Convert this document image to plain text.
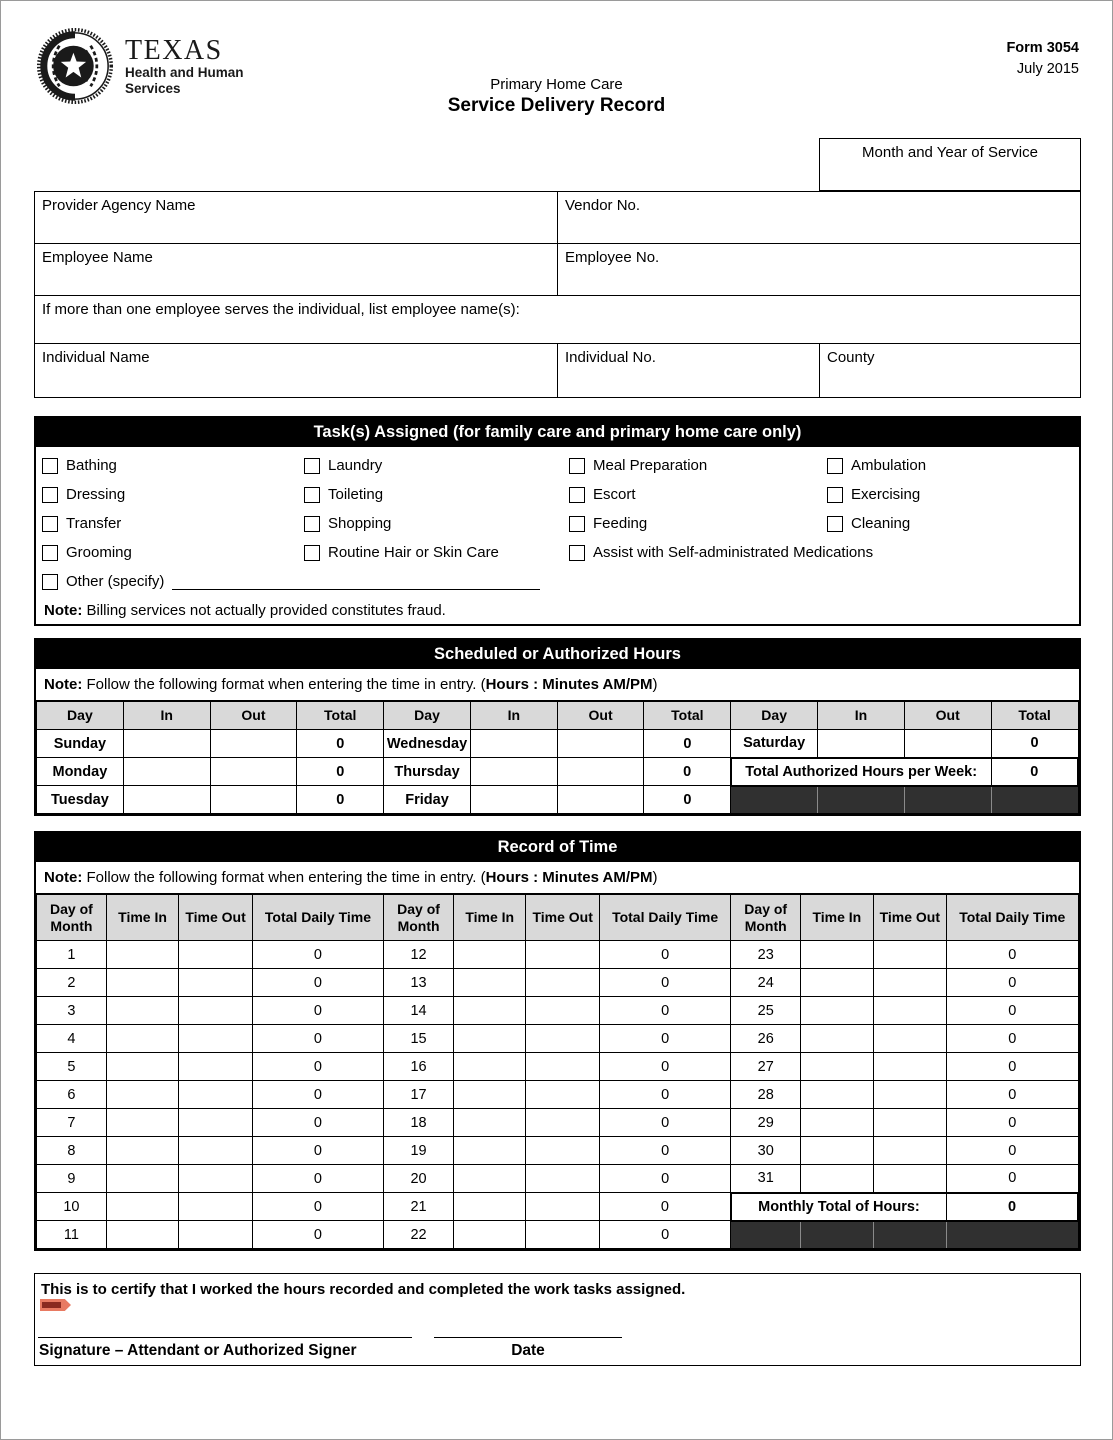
TEXAS
Health and Human
Services	Primary Home Care
Service Delivery Record
Form 3054
July 2015
Month and Year of Service
Provider Agency Name	Vendor No.
Employee Name	Employee No.
If more than one employee serves the individual, list employee name(s):
Individual Name	Individual No.	County
Task(s) Assigned (for family care and primary home care only)
Bathing	Laundry	Meal Preparation	Ambulation
Dressing	Toileting	Escort	Exercising
Transfer	Shopping	Feeding	Cleaning
Grooming	Routine Hair or Skin Care	Assist with Self-administrated Medications
Other (specify)
Note: Billing services not actually provided constitutes fraud.
Scheduled or Authorized Hours
Note: Follow the following format when entering the time in entry. (Hours : Minutes AM/PM)
Day	In	Out	Total	Day	In	Out	Total	Day	In	Out	Total
Sunday			0	Wednesday			0	Saturday			0
Monday			0	Thursday			0	Total Authorized Hours per Week:			0
Tuesday			0	Friday			0				
Record of Time
Note: Follow the following format when entering the time in entry. (Hours : Minutes AM/PM)
Day of Month	Time In	Time Out	Total Daily Time	Day of Month	Time In	Time Out	Total Daily Time	Day of Month	Time In	Time Out	Total Daily Time
1			0	12			0	23			0
2			0	13			0	24			0
3			0	14			0	25			0
4			0	15			0	26			0
5			0	16			0	27			0
6			0	17			0	28			0
7			0	18			0	29			0
8			0	19			0	30			0
9			0	20			0	31			0
10			0	21			0	Monthly Total of Hours:			0
11			0	22			0				
This is to certify that I worked the hours recorded and completed the work tasks assigned.
Signature – Attendant or Authorized Signer	Date
